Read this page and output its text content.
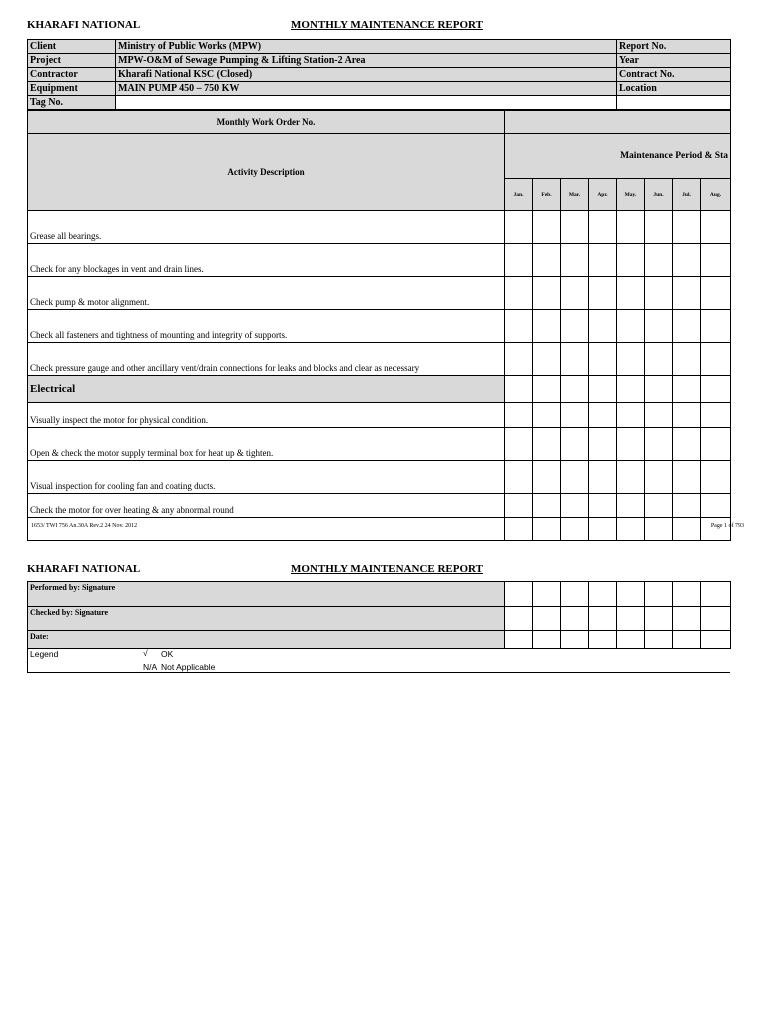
KHARAFI NATIONAL	MONTHLY MAINTENANCE REPORT
Client	Ministry of Public Works (MPW)	Report No.
Project	MPW-O&M of Sewage Pumping & Lifting Station-2 Area	Year
Contractor	Kharafi National KSC (Closed)	Contract No.
Equipment	MAIN PUMP 450 – 750 KW	Location
Tag No.		
Monthly Work Order No.								
Activity Description	Maintenance Period & Sta							
	Jan.	Feb.	Mar.	Apr.	May.	Jun.	Jul.	Aug.
Grease all bearings.								
Check for any blockages in vent and drain lines.								
Check pump & motor alignment.								
Check all fasteners and tightness of mounting and integrity of supports.								
Check pressure gauge and other ancillary vent/drain connections for leaks and blocks and clear as necessary								
Electrical								
Visually inspect the motor for physical condition.								
Open & check the motor supply terminal box for heat up & tighten.								
Visual inspection for cooling fan and coating ducts.								
Check the motor for over heating & any abnormal round								

1653/ TWI 756 An.30A Rev.2 24 Nov. 2012	Page 1 of 793
KHARAFI NATIONAL	MONTHLY MAINTENANCE REPORT
Performed by: Signature								
Checked by: Signature								
Date:								
Legend	√ OK
N/A Not Applicable
